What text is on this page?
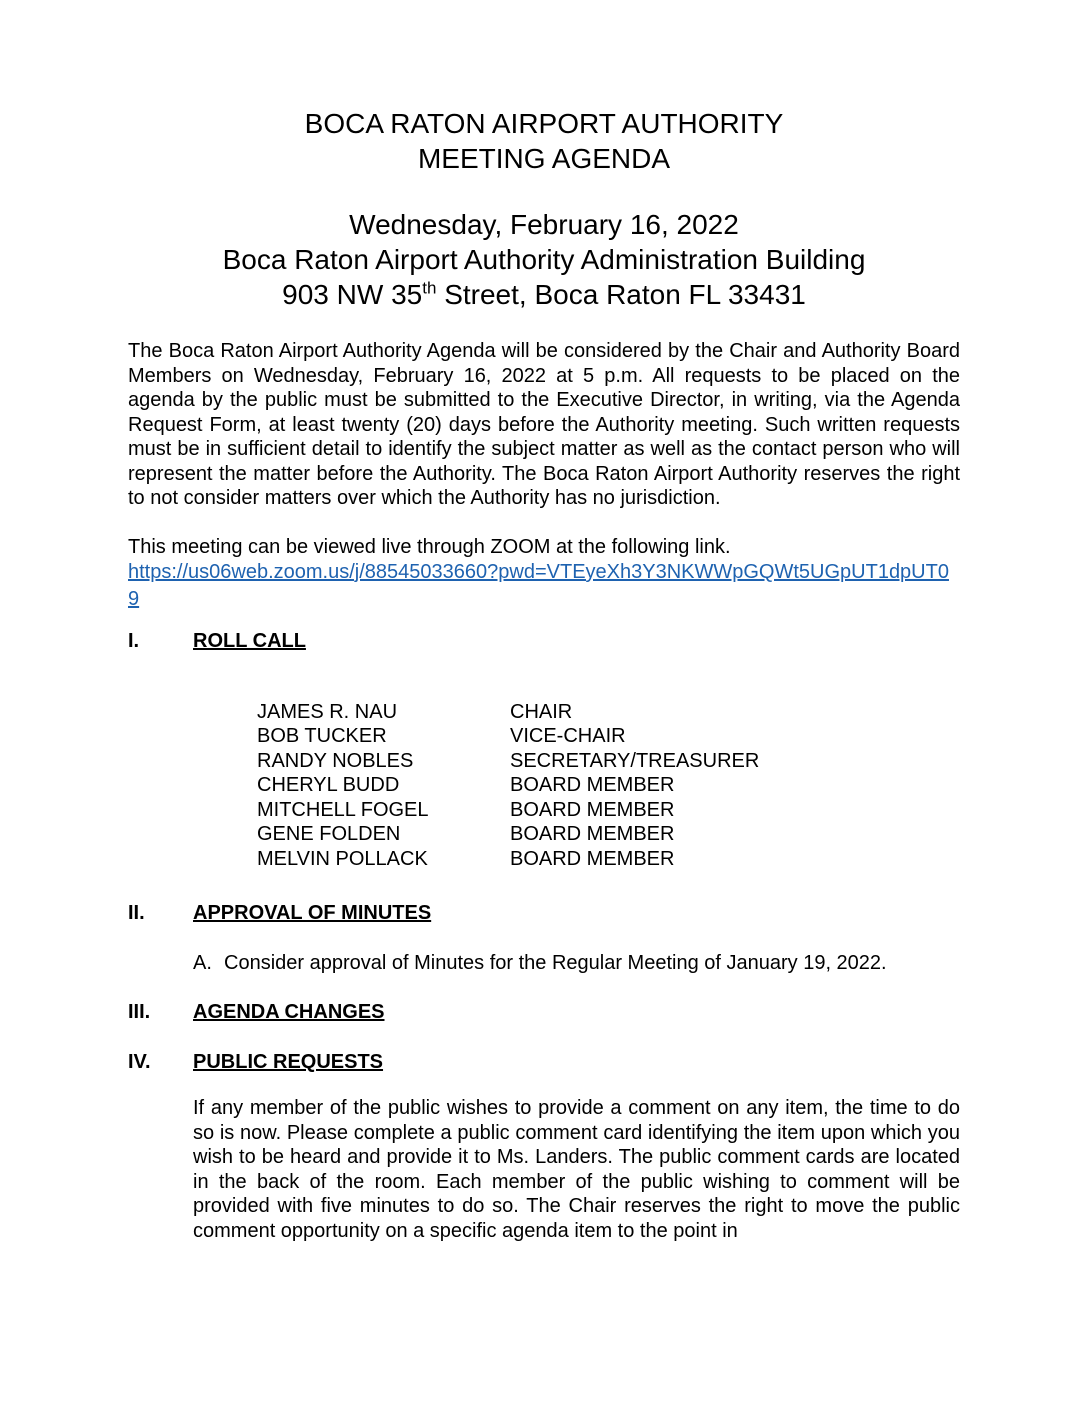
BOCA RATON AIRPORT AUTHORITY
MEETING AGENDA
Wednesday, February 16, 2022
Boca Raton Airport Authority Administration Building
903 NW 35th Street, Boca Raton FL 33431

The Boca Raton Airport Authority Agenda will be considered by the Chair and Authority Board Members on Wednesday, February 16, 2022 at 5 p.m. All requests to be placed on the agenda by the public must be submitted to the Executive Director, in writing, via the Agenda Request Form, at least twenty (20) days before the Authority meeting. Such written requests must be in sufficient detail to identify the subject matter as well as the contact person who will represent the matter before the Authority. The Boca Raton Airport Authority reserves the right to not consider matters over which the Authority has no jurisdiction.

This meeting can be viewed live through ZOOM at the following link.

https://us06web.zoom.us/j/88545033660?pwd=VTEyeXh3Y3NKWWpGQWt5UGpUT1dpUT09
I.	ROLL CALL
JAMES R. NAU	CHAIR
BOB TUCKER	VICE-CHAIR
RANDY NOBLES	SECRETARY/TREASURER
CHERYL BUDD	BOARD MEMBER
MITCHELL FOGEL	BOARD MEMBER
GENE FOLDEN	BOARD MEMBER
MELVIN POLLACK	BOARD MEMBER
II.	APPROVAL OF MINUTES
A. Consider approval of Minutes for the Regular Meeting of January 19, 2022.
III.	AGENDA CHANGES
IV.	PUBLIC REQUESTS

If any member of the public wishes to provide a comment on any item, the time to do so is now. Please complete a public comment card identifying the item upon which you wish to be heard and provide it to Ms. Landers. The public comment cards are located in the back of the room. Each member of the public wishing to comment will be provided with five minutes to do so. The Chair reserves the right to move the public comment opportunity on a specific agenda item to the point in
